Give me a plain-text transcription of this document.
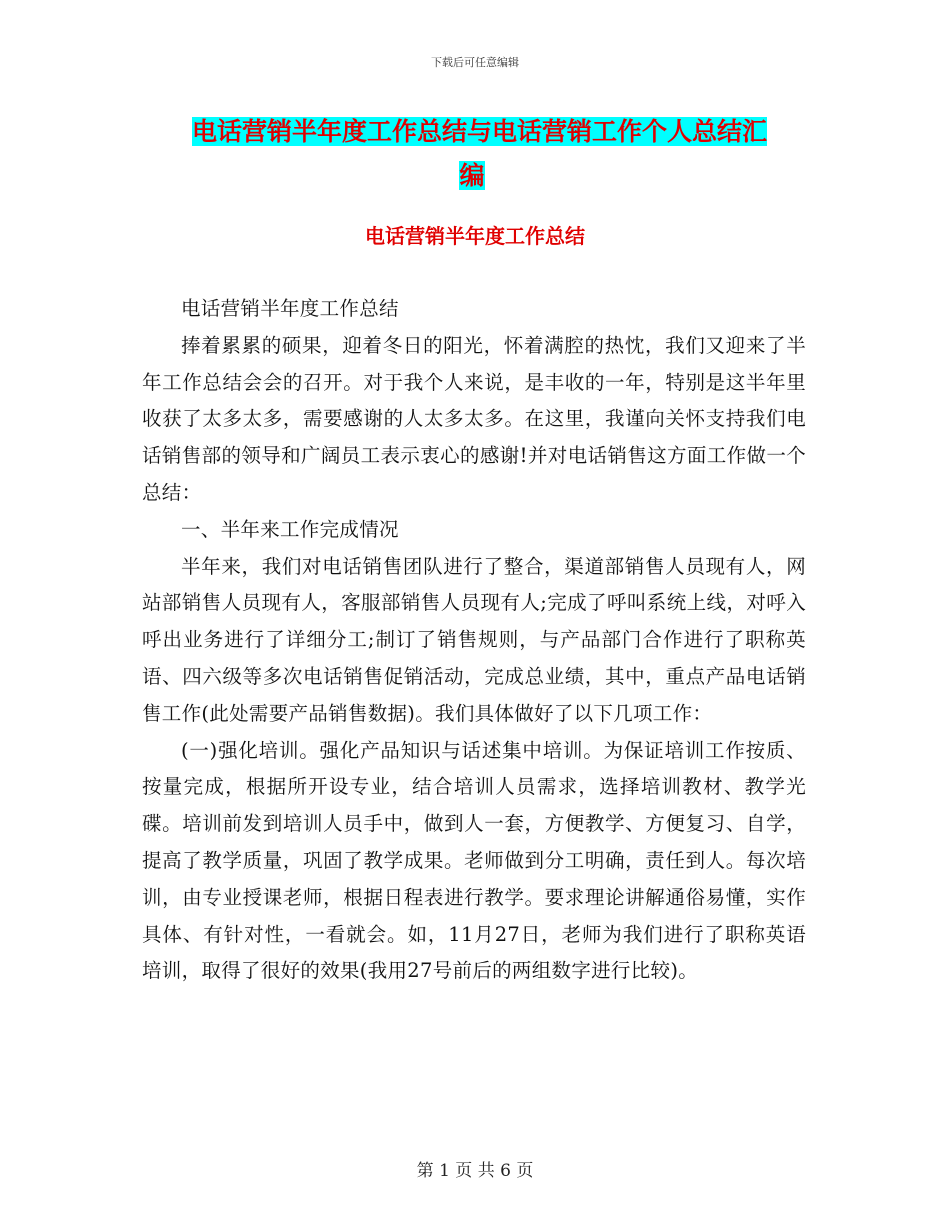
下载后可任意编辑
电话营销半年度工作总结与电话营销工作个人总结汇
编
电话营销半年度工作总结

电话营销半年度工作总结

捧着累累的硕果，迎着冬日的阳光，怀着满腔的热忱，我们又迎来了半年工作总结会会的召开。对于我个人来说，是丰收的一年，特别是这半年里收获了太多太多，需要感谢的人太多太多。在这里，我谨向关怀支持我们电话销售部的领导和广阔员工表示衷心的感谢!并对电话销售这方面工作做一个总结：

一、半年来工作完成情况

半年来，我们对电话销售团队进行了整合，渠道部销售人员现有人，网站部销售人员现有人，客服部销售人员现有人;完成了呼叫系统上线，对呼入呼出业务进行了详细分工;制订了销售规则，与产品部门合作进行了职称英语、四六级等多次电话销售促销活动，完成总业绩，其中，重点产品电话销售工作(此处需要产品销售数据)。我们具体做好了以下几项工作：

(一)强化培训。强化产品知识与话述集中培训。为保证培训工作按质、按量完成，根据所开设专业，结合培训人员需求，选择培训教材、教学光碟。培训前发到培训人员手中，做到人一套，方便教学、方便复习、自学，提高了教学质量，巩固了教学成果。老师做到分工明确，责任到人。每次培训，由专业授课老师，根据日程表进行教学。要求理论讲解通俗易懂，实作具体、有针对性，一看就会。如，11月27日，老师为我们进行了职称英语培训，取得了很好的效果(我用27号前后的两组数字进行比较)。

第 1 页 共 6 页
